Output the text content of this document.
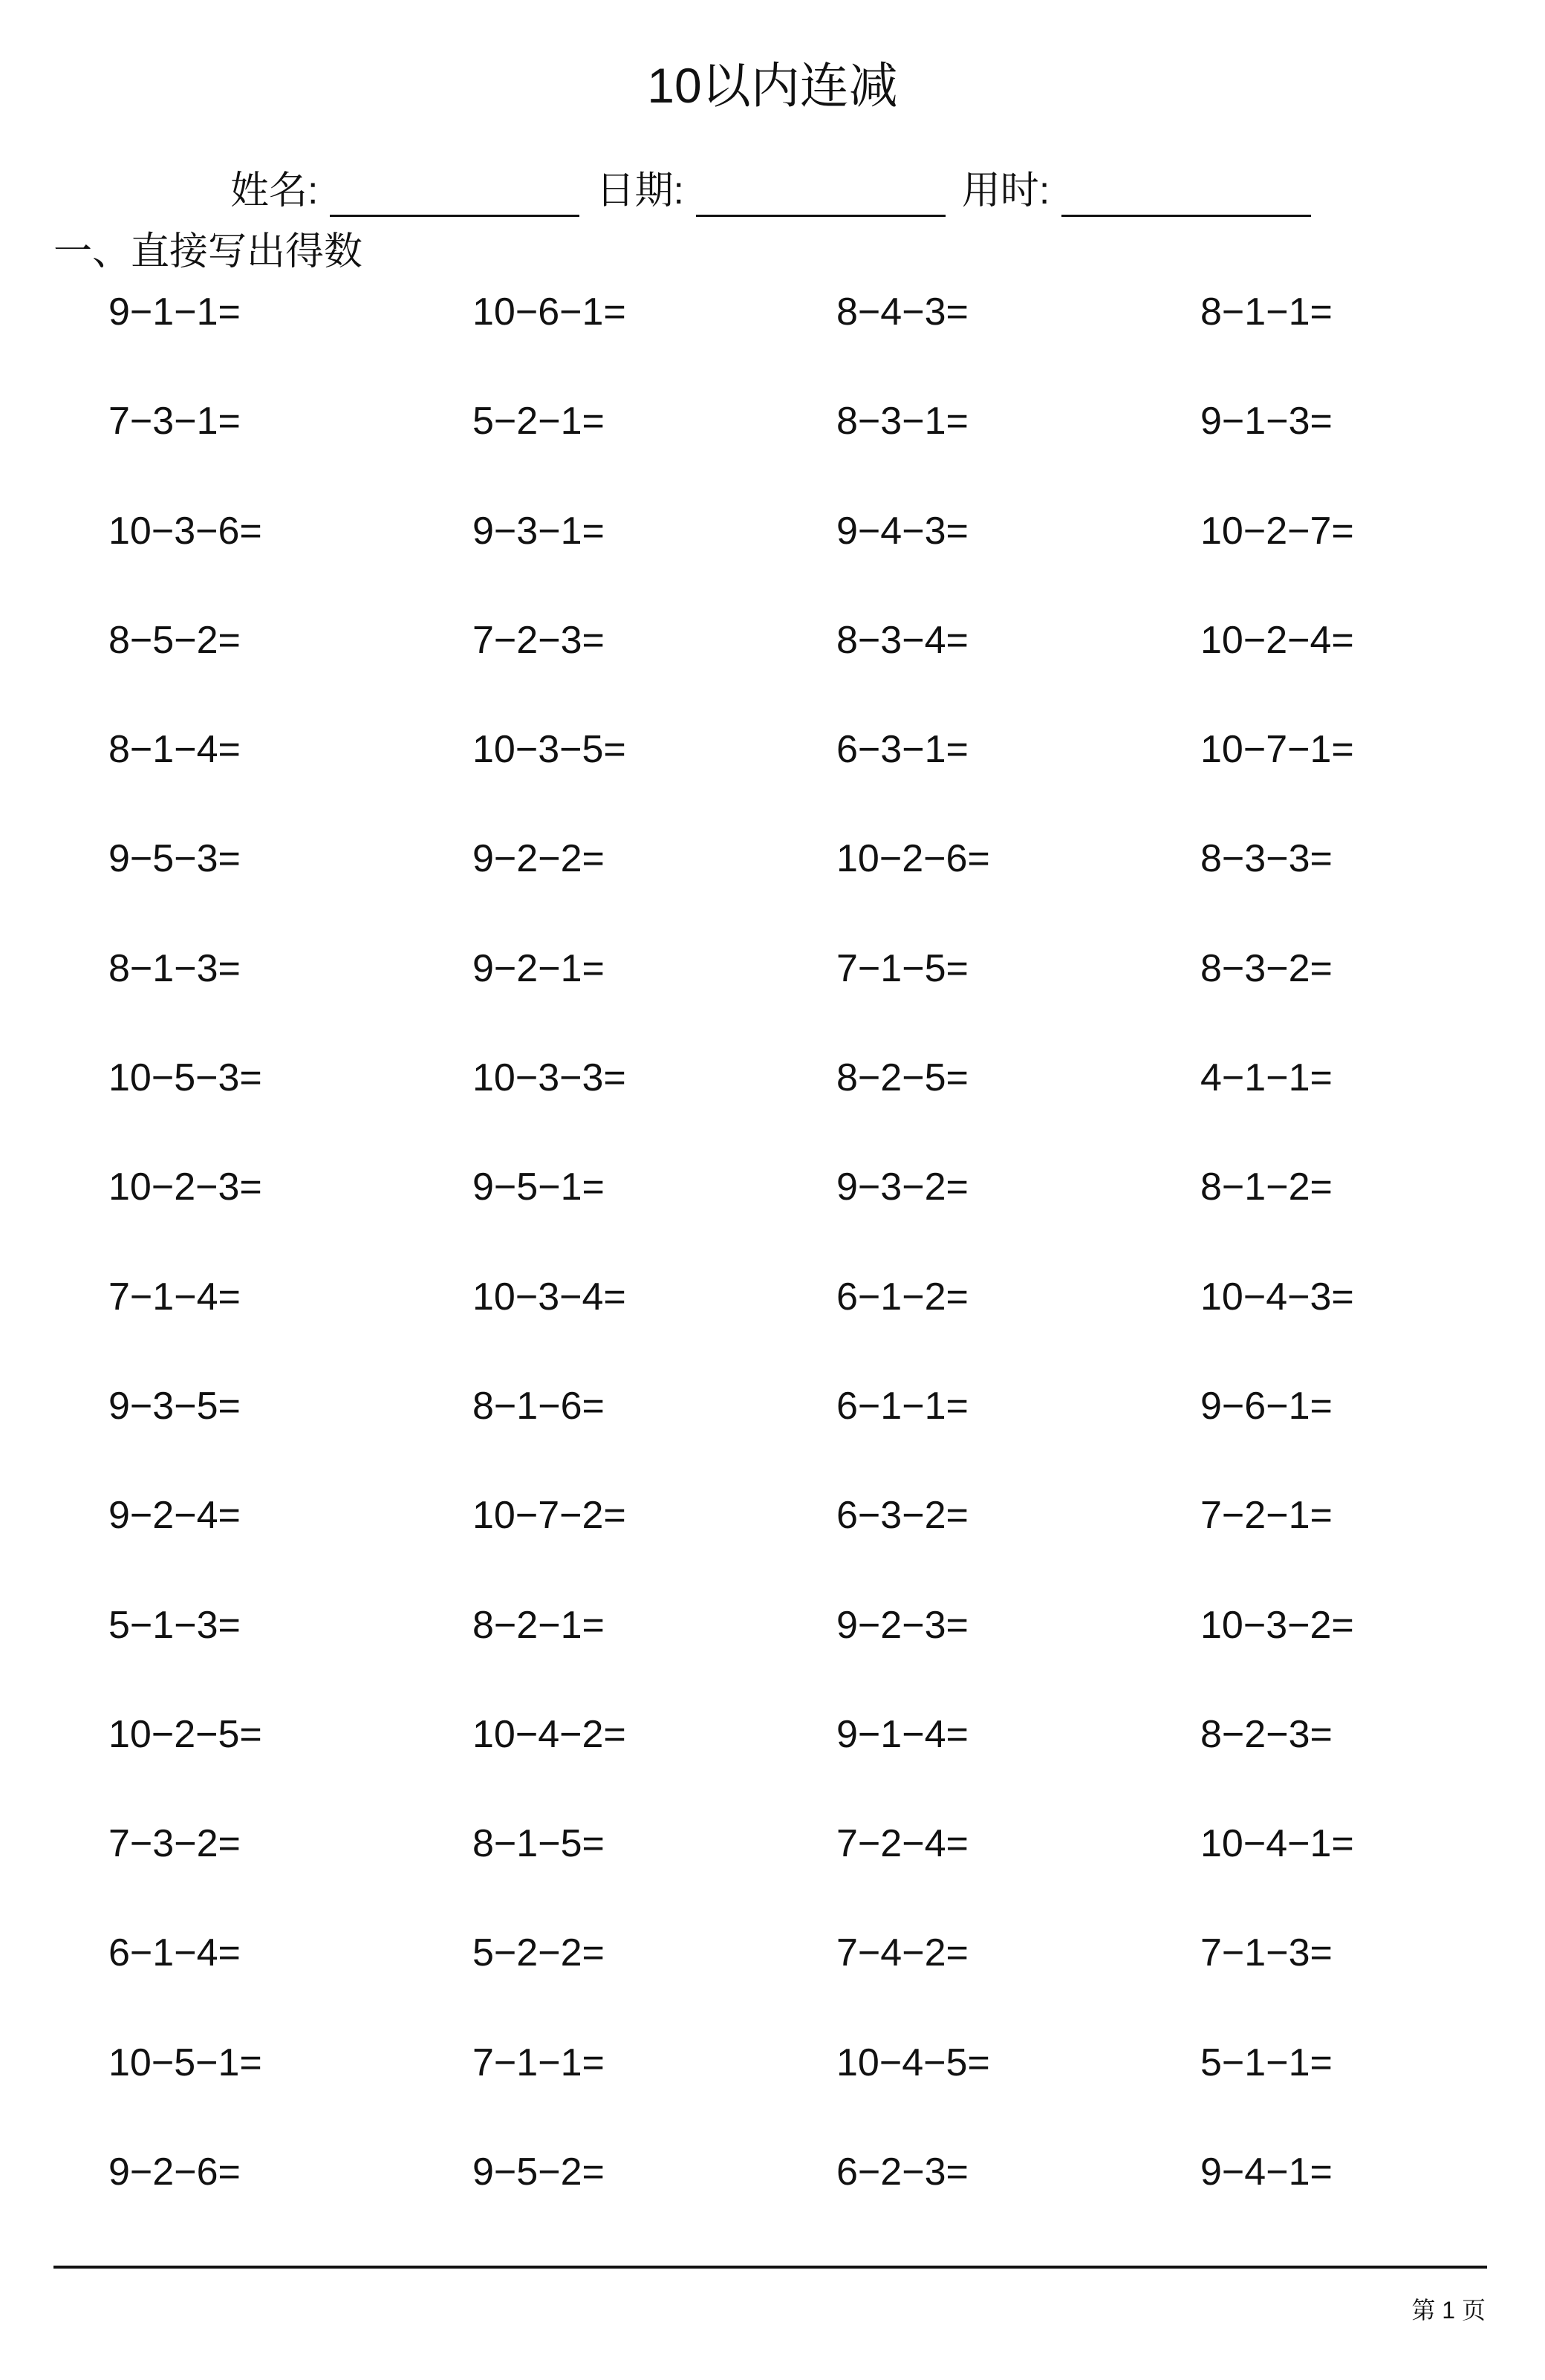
10以内连减
姓名:	日期:	用时:
一、直接写出得数
9−1−1=	10−6−1=	8−4−3=	8−1−1=
7−3−1=	5−2−1=	8−3−1=	9−1−3=
10−3−6=	9−3−1=	9−4−3=	10−2−7=
8−5−2=	7−2−3=	8−3−4=	10−2−4=
8−1−4=	10−3−5=	6−3−1=	10−7−1=
9−5−3=	9−2−2=	10−2−6=	8−3−3=
8−1−3=	9−2−1=	7−1−5=	8−3−2=
10−5−3=	10−3−3=	8−2−5=	4−1−1=
10−2−3=	9−5−1=	9−3−2=	8−1−2=
7−1−4=	10−3−4=	6−1−2=	10−4−3=
9−3−5=	8−1−6=	6−1−1=	9−6−1=
9−2−4=	10−7−2=	6−3−2=	7−2−1=
5−1−3=	8−2−1=	9−2−3=	10−3−2=
10−2−5=	10−4−2=	9−1−4=	8−2−3=
7−3−2=	8−1−5=	7−2−4=	10−4−1=
6−1−4=	5−2−2=	7−4−2=	7−1−3=
10−5−1=	7−1−1=	10−4−5=	5−1−1=
9−2−6=	9−5−2=	6−2−3=	9−4−1=
第 1 页
